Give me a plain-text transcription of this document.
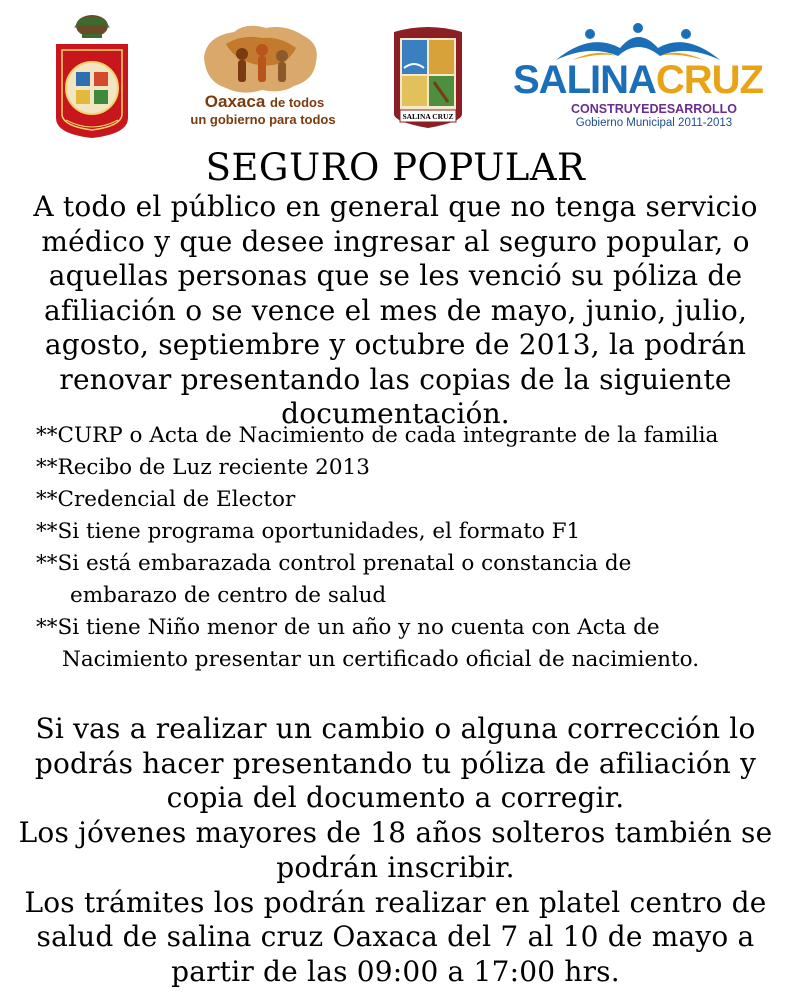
Oaxaca de todos
un gobierno para todos	SALINA CRUZ
SALINACRUZ
CONSTRUYEDESARROLLO
Gobierno Municipal 2011-2013
SEGURO POPULAR

A todo el público en general que no tenga servicio
médico y que desee ingresar al seguro popular, o
aquellas personas que se les venció su póliza de
afiliación o se vence el mes de mayo, junio, julio,
agosto, septiembre y octubre de 2013, la podrán
renovar presentando las copias de la siguiente
documentación.

**CURP o Acta de Nacimiento de cada integrante de la familia
**Recibo de Luz reciente 2013
**Credencial de Elector
**Si tiene programa oportunidades, el formato F1
**Si está embarazada control prenatal o constancia de
embarazo de centro de salud
**Si tiene Niño menor de un año y no cuenta con Acta de
Nacimiento presentar un certificado oficial de nacimiento.

Si vas a realizar un cambio o alguna corrección lo
podrás hacer presentando tu póliza de afiliación y
copia del documento a corregir.
Los jóvenes mayores de 18 años solteros también se
podrán inscribir.
Los trámites los podrán realizar en platel centro de
salud de salina cruz Oaxaca del 7 al 10 de mayo a
partir de las 09:00 a 17:00 hrs.
